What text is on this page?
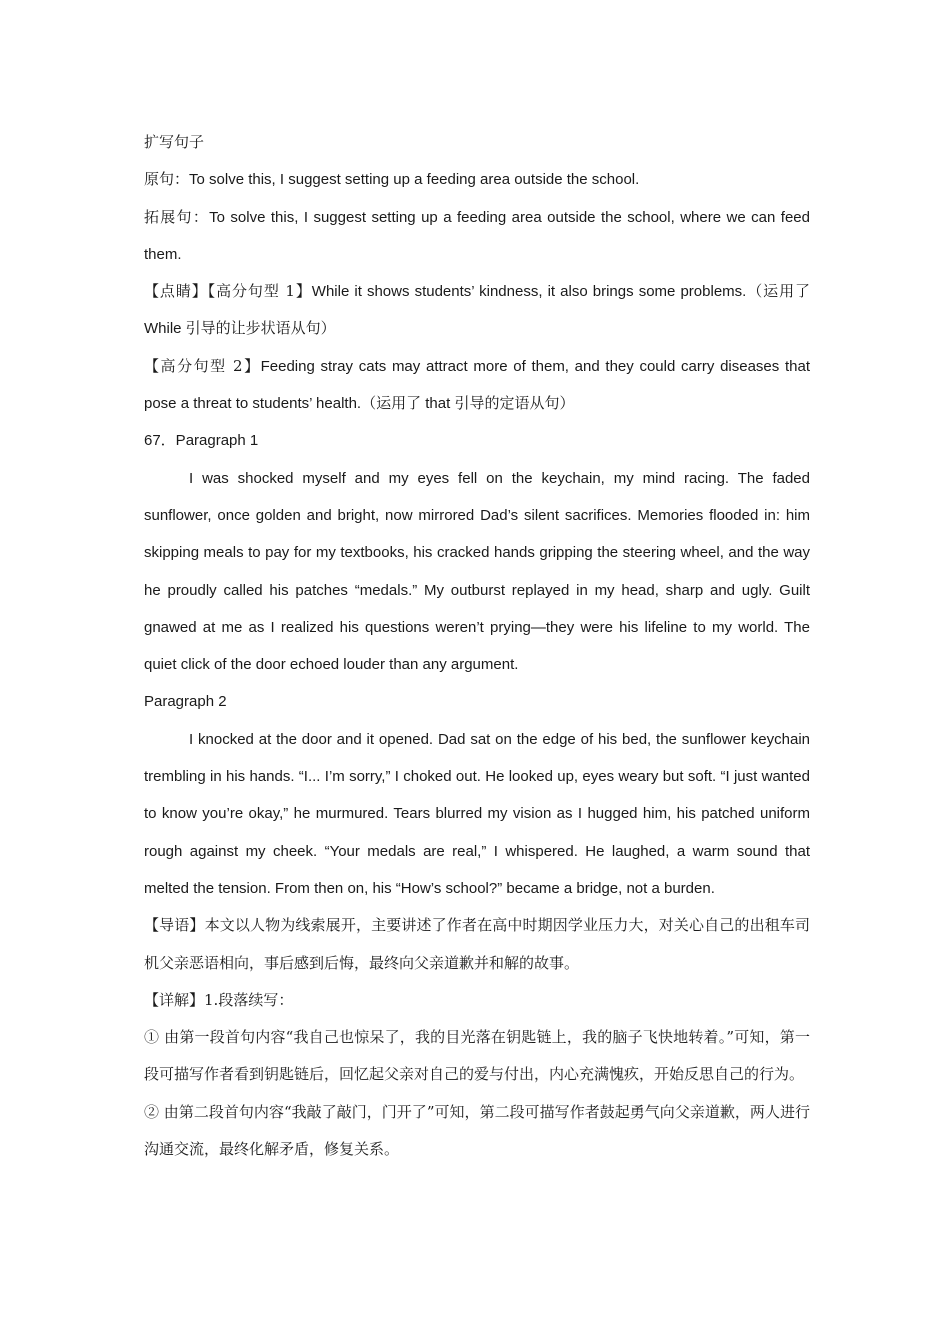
扩写句子

原句：To solve this, I suggest setting up a feeding area outside the school.

拓展句：To solve this, I suggest setting up a feeding area outside the school, where we can feed them.

【点睛】【高分句型 1】While it shows students’ kindness, it also brings some problems.（运用了 While 引导的让步状语从句）

【高分句型 2】Feeding stray cats may attract more of them, and they could carry diseases that pose a threat to students’ health.（运用了 that 引导的定语从句）

67．Paragraph 1

I was shocked myself and my eyes fell on the keychain, my mind racing. The faded sunflower, once golden and bright, now mirrored Dad’s silent sacrifices. Memories flooded in: him skipping meals to pay for my textbooks, his cracked hands gripping the steering wheel, and the way he proudly called his patches “medals.” My outburst replayed in my head, sharp and ugly. Guilt gnawed at me as I realized his questions weren’t prying—they were his lifeline to my world. The quiet click of the door echoed louder than any argument.

Paragraph 2

I knocked at the door and it opened. Dad sat on the edge of his bed, the sunflower keychain trembling in his hands. “I... I’m sorry,” I choked out. He looked up, eyes weary but soft. “I just wanted to know you’re okay,” he murmured. Tears blurred my vision as I hugged him, his patched uniform rough against my cheek. “Your medals are real,” I whispered. He laughed, a warm sound that melted the tension. From then on, his “How’s school?” became a bridge, not a burden.

【导语】本文以人物为线索展开，主要讲述了作者在高中时期因学业压力大，对关心自己的出租车司机父亲恶语相向，事后感到后悔，最终向父亲道歉并和解的故事。

【详解】1.段落续写：

① 由第一段首句内容“我自己也惊呆了，我的目光落在钥匙链上，我的脑子飞快地转着。”可知，第一段可描写作者看到钥匙链后，回忆起父亲对自己的爱与付出，内心充满愧疚，开始反思自己的行为。

② 由第二段首句内容“我敲了敲门，门开了”可知，第二段可描写作者鼓起勇气向父亲道歉，两人进行沟通交流，最终化解矛盾，修复关系。
